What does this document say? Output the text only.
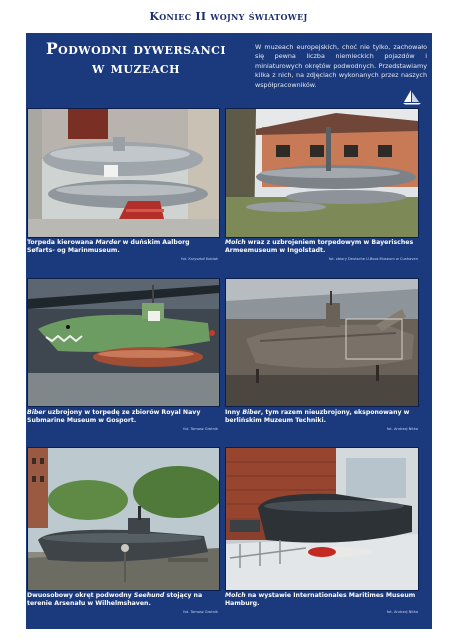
Koniec II wojny światowej
Podwodni dywersanci
w muzeach
W muzeach europejskich, choć nie tylko, zachowało się pewna liczba niemieckich pojazdów i miniaturowych okrętów podwodnych. Przedstawiamy kilka z nich, na zdjęciach wykonanych przez naszych współpracowników.
Torpeda kierowana Marder w duńskim Aalborg Søfarts- og Marinmuseum.
fot. Krzysztof Kubiak
Molch wraz z uzbrojeniem torpedowym w Bayerisches Armeemuseum w Ingolstadt.
fot. zbiory Deutsche U-Boot-Museum w Cuxhaven
Biber uzbrojony w torpedę ze zbiorów Royal Navy Submarine Museum w Gosport.
fot. Tomasz Grotnik
Inny Biber, tym razem nieuzbrojony, eksponowany w berlińskim Muzeum Techniki.
fot. Andrzej Nitka
Dwuosobowy okręt podwodny Seehund stojący na terenie Arsenału w Wilhelmshaven.
fot. Tomasz Grotnik
Molch na wystawie Internationales Maritimes Museum Hamburg.
fot. Andrzej Nitka
